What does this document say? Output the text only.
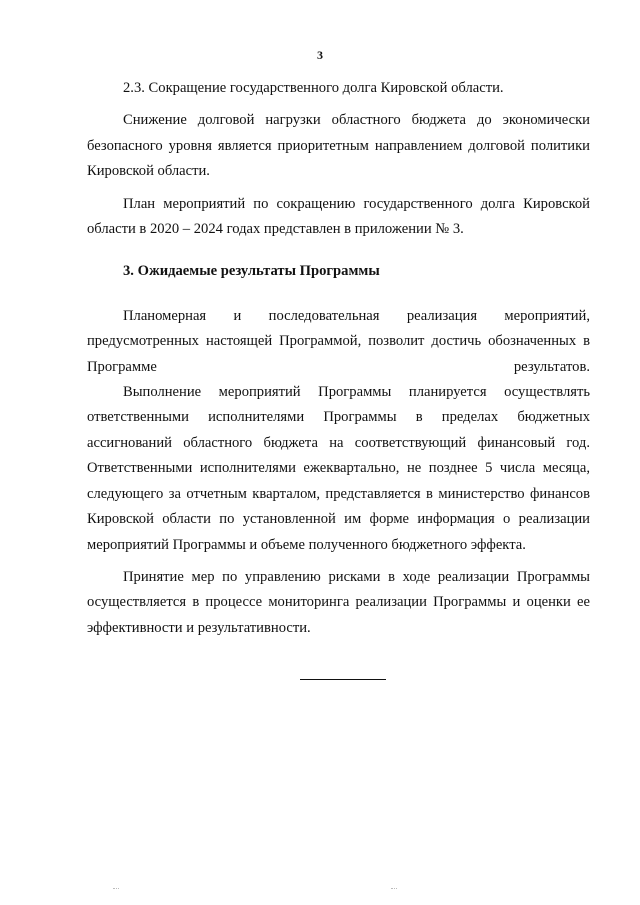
3

2.3. Сокращение государственного долга Кировской области.

Снижение долговой нагрузки областного бюджета до экономически безопасного уровня является приоритетным направлением долговой политики Кировской области.

План мероприятий по сокращению государственного долга Кировской области в 2020 – 2024 годах представлен в приложении № 3.

3. Ожидаемые результаты Программы

Планомерная и последовательная реализация мероприятий, предусмотренных настоящей Программой, позволит достичь обозначенных в Программе результатов.

Выполнение мероприятий Программы планируется осуществлять ответственными исполнителями Программы в пределах бюджетных ассигнований областного бюджета на соответствующий финансовый год. Ответственными исполнителями ежеквартально, не позднее 5 числа месяца, следующего за отчетным кварталом, представляется в министерство финансов Кировской области по установленной им форме информация о реализации мероприятий Программы и объеме полученного бюджетного эффекта.

Принятие мер по управлению рисками в ходе реализации Программы осуществляется в процессе мониторинга реализации Программы и оценки ее эффективности и результативности.
